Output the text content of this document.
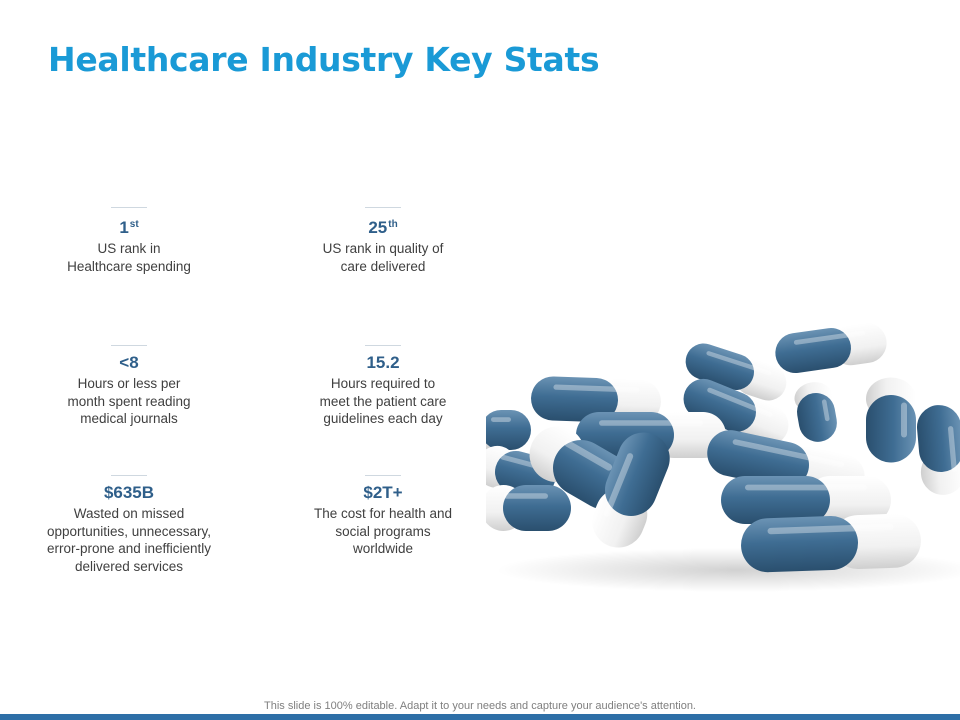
Healthcare Industry Key Stats
1st
US rank in
Healthcare spending
25th
US rank in quality of
care delivered
<8
Hours or less per
month spent reading
medical journals
15.2
Hours required to
meet the patient care
guidelines each day
$635B
Wasted on missed
opportunities, unnecessary,
error-prone and inefficiently
delivered services
$2T+
The cost for health and
social programs
worldwide
This slide is 100% editable. Adapt it to your needs and capture your audience's attention.
